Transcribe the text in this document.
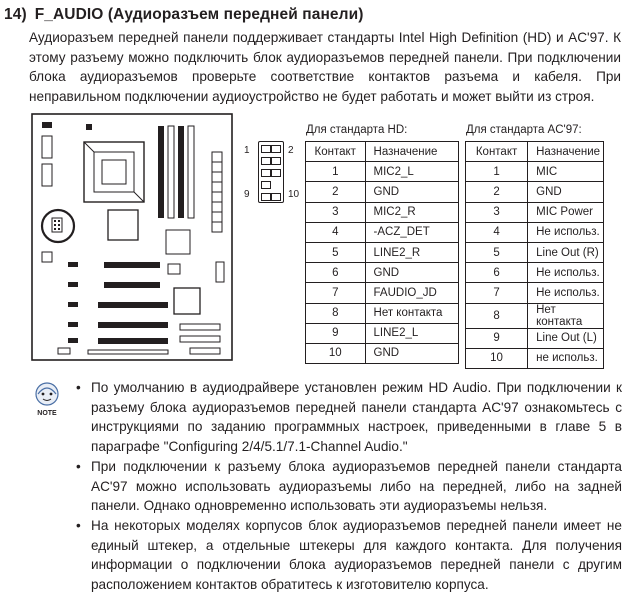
14) F_AUDIO (Аудиоразъем передней панели)
Аудиоразъем передней панели поддерживает стандарты Intel High Definition (HD) и AC'97. К этому разъему можно подключить блок аудиоразъемов передней панели. При подключении блока аудиоразъемов проверьте соответствие контактов разъема и кабеля. При неправильном подключении аудиоустройство не будет работать и может выйти из строя.
1	2
9	10
Для стандарта HD:
Контакт	Назначение
1	MIC2_L
2	GND
3	MIC2_R
4	-ACZ_DET
5	LINE2_R
6	GND
7	FAUDIO_JD
8	Нет контакта
9	LINE2_L
10	GND
Для стандарта AC'97:
Контакт	Назначение
1	MIC
2	GND
3	MIC Power
4	Не использ.
5	Line Out (R)
6	Не использ.
7	Не использ.
8	Нет контакта
9	Line Out (L)
10	не использ.
NOTE
• По умолчанию в аудиодрайвере установлен режим HD Audio. При подключении к разъему блока аудиоразъемов передней панели стандарта AC'97 ознакомьтесь с инструкциями по заданию программных настроек, приведенными в главе 5 в параграфе "Configuring 2/4/5.1/7.1-Channel Audio."
• При подключении к разъему блока аудиоразъемов передней панели стандарта AC'97 можно использовать аудиоразъемы либо на передней, либо на задней панели. Однако одновременно использовать эти аудиоразъемы нельзя.
• На некоторых моделях корпусов блок аудиоразъемов передней панели имеет не единый штекер, а отдельные штекеры для каждого контакта. Для получения информации о подключении блока аудиоразъемов передней панели с другим расположением контактов обратитесь к изготовителю корпуса.
